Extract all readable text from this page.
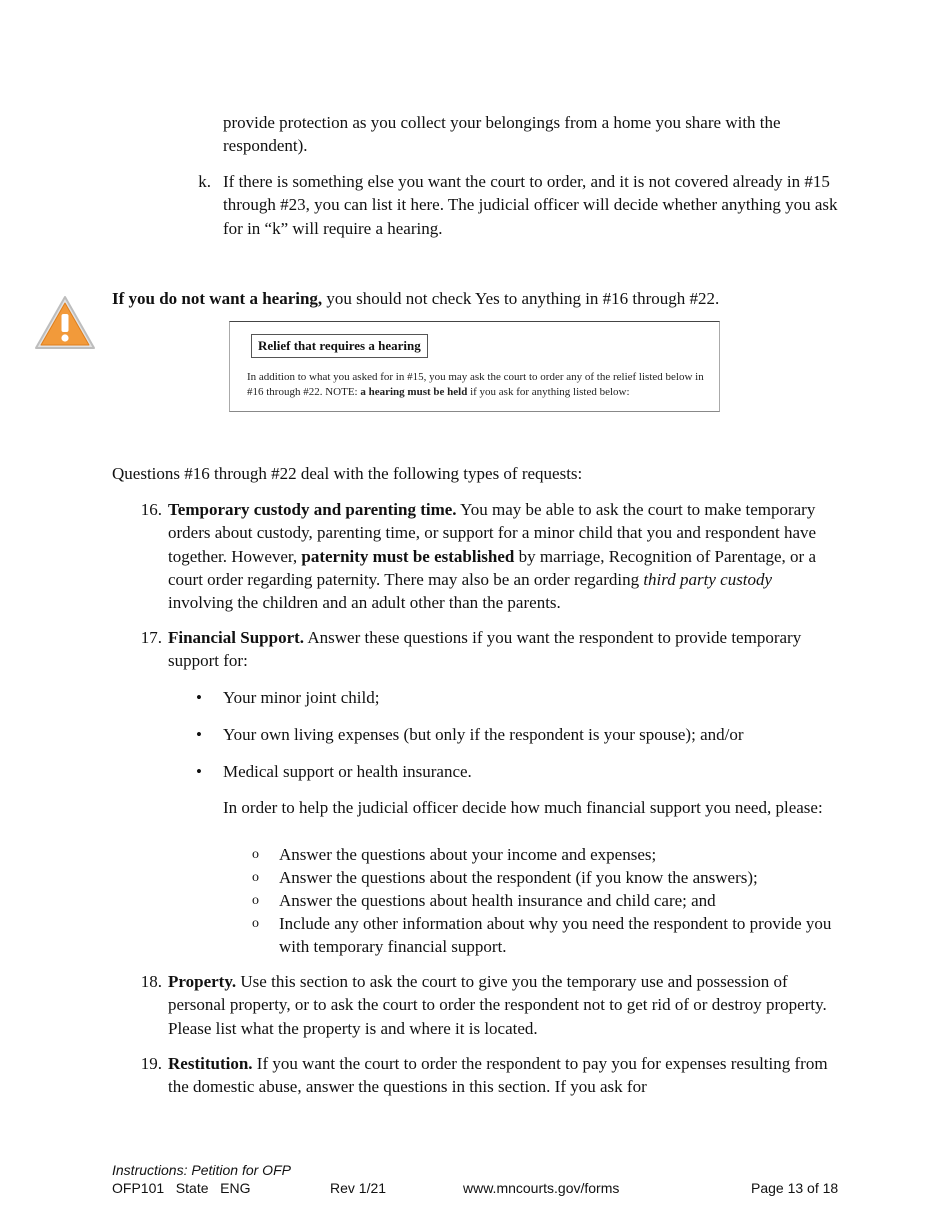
provide protection as you collect your belongings from a home you share with the respondent).
k. If there is something else you want the court to order, and it is not covered already in #15 through #23, you can list it here. The judicial officer will decide whether anything you ask for in “k” will require a hearing.
If you do not want a hearing, you should not check Yes to anything in #16 through #22.
Relief that requires a hearing
In addition to what you asked for in #15, you may ask the court to order any of the relief listed below in #16 through #22. NOTE: a hearing must be held if you ask for anything listed below:
Questions #16 through #22 deal with the following types of requests:
16. Temporary custody and parenting time. You may be able to ask the court to make temporary orders about custody, parenting time, or support for a minor child that you and respondent have together. However, paternity must be established by marriage, Recognition of Parentage, or a court order regarding paternity. There may also be an order regarding third party custody involving the children and an adult other than the parents.
17. Financial Support. Answer these questions if you want the respondent to provide temporary support for:
• Your minor joint child;
• Your own living expenses (but only if the respondent is your spouse); and/or
• Medical support or health insurance.
In order to help the judicial officer decide how much financial support you need, please:
o Answer the questions about your income and expenses;
o Answer the questions about the respondent (if you know the answers);
o Answer the questions about health insurance and child care; and
o Include any other information about why you need the respondent to provide you with temporary financial support.
18. Property. Use this section to ask the court to give you the temporary use and possession of personal property, or to ask the court to order the respondent not to get rid of or destroy property. Please list what the property is and where it is located.
19. Restitution. If you want the court to order the respondent to pay you for expenses resulting from the domestic abuse, answer the questions in this section. If you ask for
Instructions: Petition for OFP
OFP101   State   ENG	Rev 1/21	www.mncourts.gov/forms	Page 13 of 18
